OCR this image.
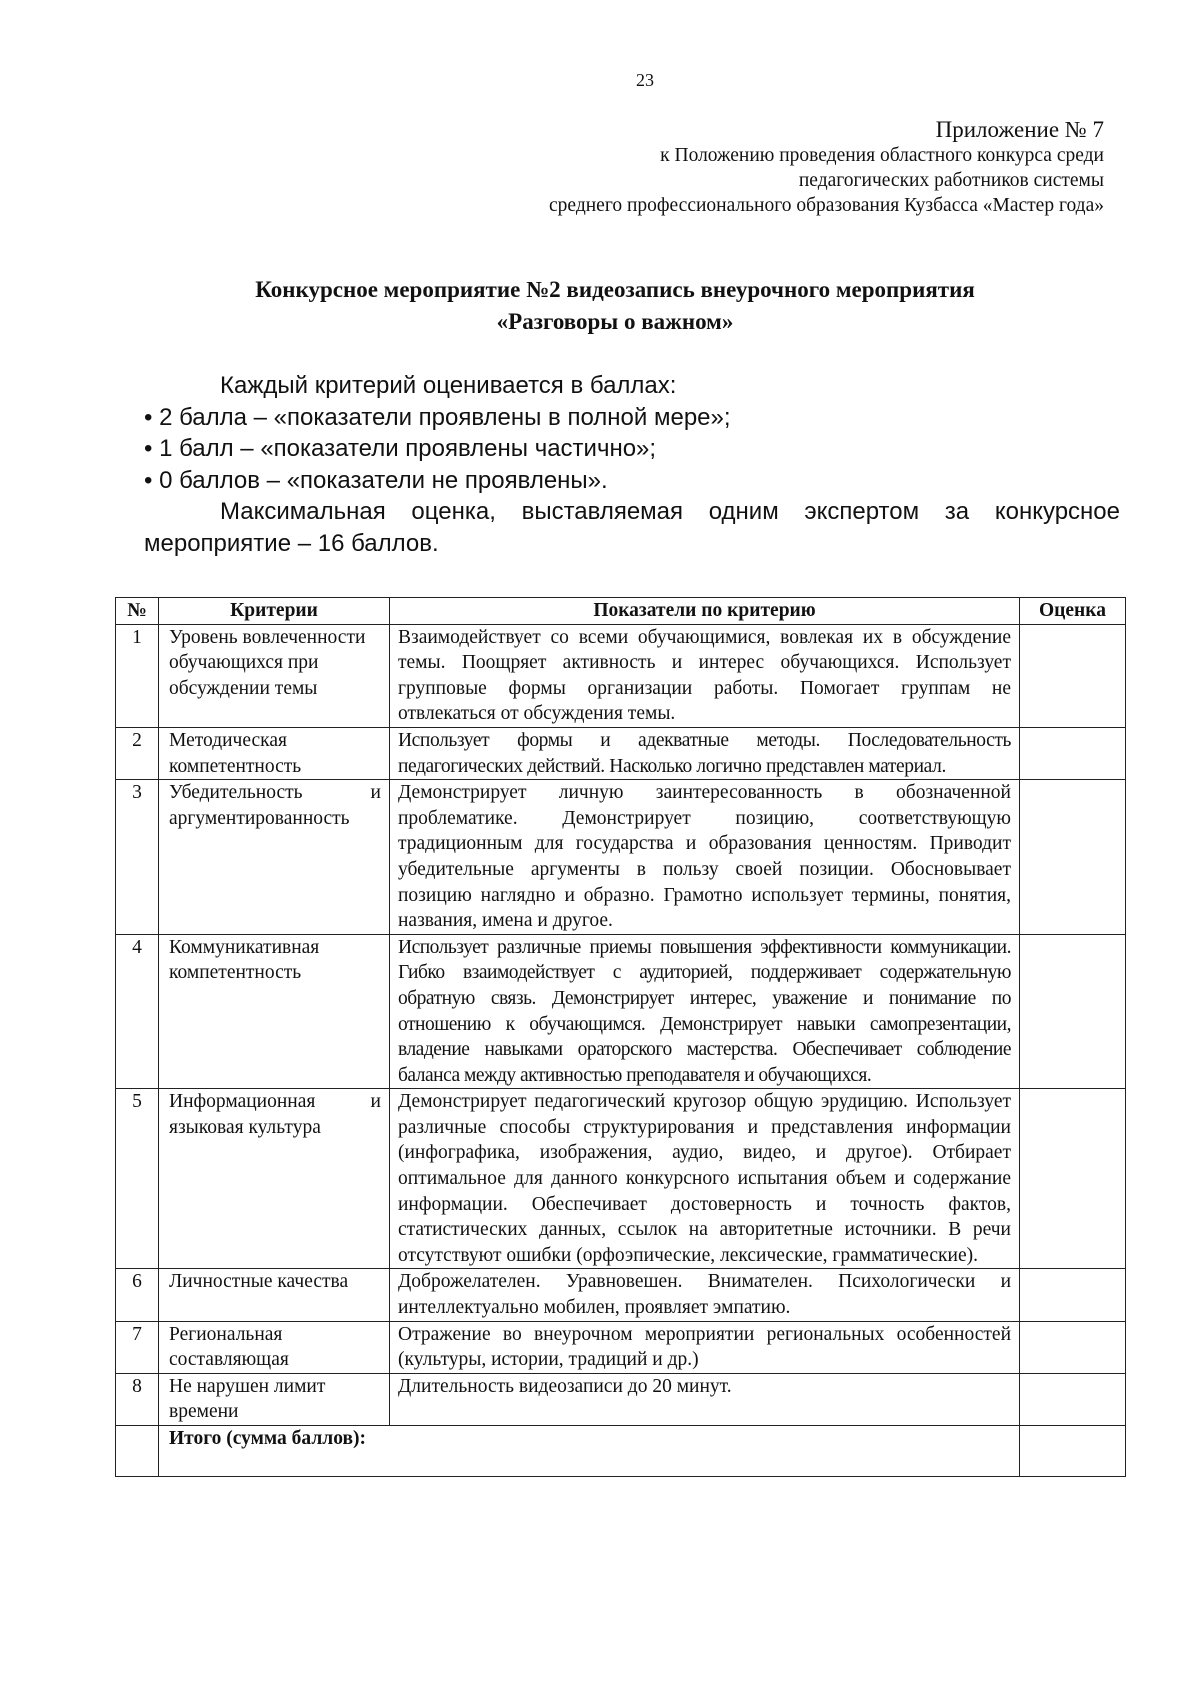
23
Приложение № 7
к Положению проведения областного конкурса среди
педагогических работников системы
среднего профессионального образования Кузбасса «Мастер года»
Конкурсное мероприятие №2 видеозапись внеурочного мероприятия
«Разговоры о важном»

Каждый критерий оценивается в баллах:

• 2 балла – «показатели проявлены в полной мере»;

• 1 балл – «показатели проявлены частично»;

• 0 баллов – «показатели не проявлены».

Максимальная оценка, выставляемая одним экспертом за конкурсное мероприятие – 16 баллов.

№	Критерии	Показатели по критерию	Оценка
1	Уровень вовлеченности обучающихся при обсуждении темы	Взаимодействует со всеми обучающимися, вовлекая их в обсуждение темы. Поощряет активность и интерес обучающихся. Использует групповые формы организации работы. Помогает группам не отвлекаться от обсуждения темы.	
2	Методическая компетентность	Использует формы и адекватные методы. Последовательность педагогических действий. Насколько логично представлен материал.	
3	Убедительность и аргументированность	Демонстрирует личную заинтересованность в обозначенной проблематике. Демонстрирует позицию, соответствующую традиционным для государства и образования ценностям. Приводит убедительные аргументы в пользу своей позиции. Обосновывает позицию наглядно и образно. Грамотно использует термины, понятия, названия, имена и другое.	
4	Коммуникативная компетентность	Использует различные приемы повышения эффективности коммуникации. Гибко взаимодействует с аудиторией, поддерживает содержательную обратную связь. Демонстрирует интерес, уважение и понимание по отношению к обучающимся. Демонстрирует навыки самопрезентации, владение навыками ораторского мастерства. Обеспечивает соблюдение баланса между активностью преподавателя и обучающихся.	
5	Информационная и языковая культура	Демонстрирует педагогический кругозор общую эрудицию. Использует различные способы структурирования и представления информации (инфографика, изображения, аудио, видео, и другое). Отбирает оптимальное для данного конкурсного испытания объем и содержание информации. Обеспечивает достоверность и точность фактов, статистических данных, ссылок на авторитетные источники. В речи отсутствуют ошибки (орфоэпические, лексические, грамматические).	
6	Личностные качества	Доброжелателен. Уравновешен. Внимателен. Психологически и интеллектуально мобилен, проявляет эмпатию.	
7	Региональная составляющая	Отражение во внеурочном мероприятии региональных особенностей (культуры, истории, традиций и др.)	
8	Не нарушен лимит времени	Длительность видеозаписи до 20 минут.	
	Итого (сумма баллов):		
